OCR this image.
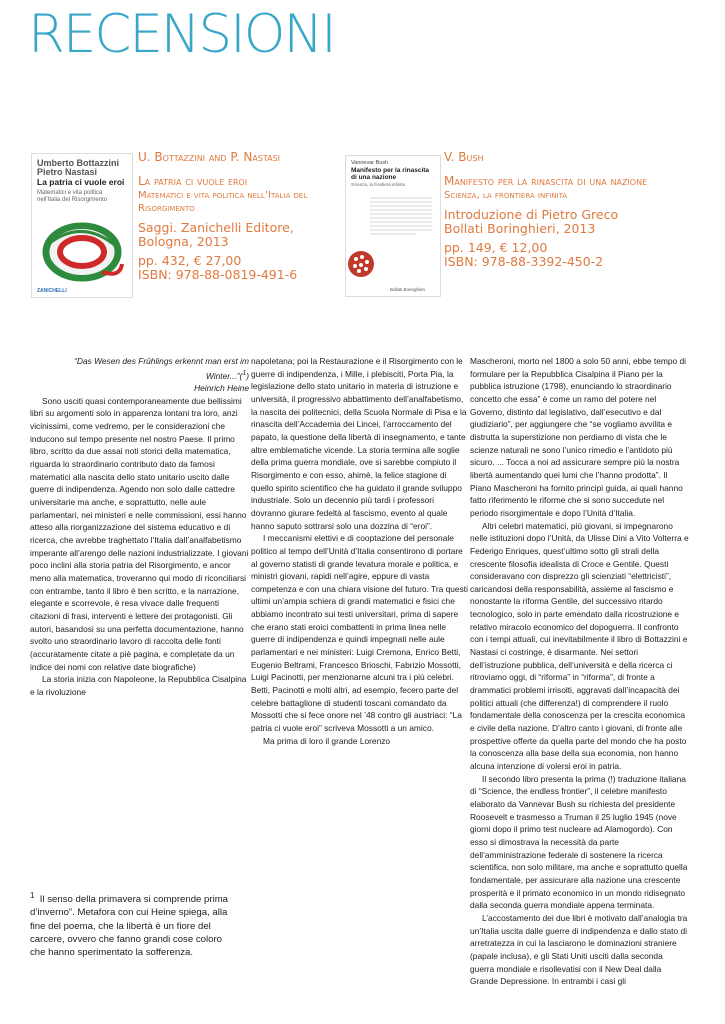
RECENSIONI
Umberto Bottazzini
Pietro Nastasi
La patria ci vuole eroi
Matematici e vita politica
nell’Italia del Risorgimento
ZANICHELLI

U. Bottazzini and P. Nastasi

La patria ci vuole eroi

Matematici e vita politica nell’Italia del Risorgimento

Saggi. Zanichelli Editore,
Bologna, 2013

pp. 432, € 27,00
ISBN: 978-88-0819-491-6

Vannevar Bush
Manifesto per la rinascita
di una nazione
Scienza, la frontiera infinita
Bollati Boringhieri

V. Bush

Manifesto per la rinascita di una nazione

Scienza, la frontiera infinita

Introduzione di Pietro Greco
Bollati Boringhieri, 2013

pp. 149, € 12,00
ISBN: 978-88-3392-450-2

“Das Wesen des Frühlings erkennt man erst im Winter...”($^1$)
Heinrich Heine

Sono usciti quasi contemporaneamente due bellissimi libri su argomenti solo in apparenza lontani tra loro, anzi vicinissimi, come vedremo, per le considerazioni che inducono sul tempo presente nel nostro Paese. Il primo libro, scritto da due assai noti storici della matematica, riguarda lo straordinario contributo dato da famosi matematici alla nascita dello stato unitario uscito dalle guerre di indipendenza. Agendo non solo dalle cattedre universitarie ma anche, e soprattutto, nelle aule parlamentari, nei ministeri e nelle commissioni, essi hanno atteso alla riorganizzazione del sistema educativo e di ricerca, che avrebbe traghettato l’Italia dall’analfabetismo imperante all’arengo delle nazioni industrializzate. I giovani poco inclini alla storia patria del Risorgimento, e ancor meno alla matematica, troveranno qui modo di riconciliarsi con entrambe, tanto il libro è ben scritto, e la narrazione, elegante e scorrevole, è resa vivace dalle frequenti citazioni di frasi, interventi e lettere dei protagonisti. Gli autori, basandosi su una perfetta documentazione, hanno svolto uno straordinario lavoro di raccolta delle fonti (accuratamente citate a piè pagina, e completate da un indice dei nomi con relative date biografiche)

La storia inizia con Napoleone, la Repubblica Cisalpina e la rivoluzione

napoletana; poi la Restaurazione e il Risorgimento con le guerre di indipendenza, i Mille, i plebisciti, Porta Pia, la legislazione dello stato unitario in materia di istruzione e università, il progressivo abbattimento dell’analfabetismo, la nascita dei politecnici, della Scuola Normale di Pisa e la rinascita dell’Accademia dei Lincei, l’arroccamento del papato, la questione della libertà di insegnamento, e tante altre emblematiche vicende. La storia termina alle soglie della prima guerra mondiale, ove si sarebbe compiuto il Risorgimento e con esso, ahimè, la felice stagione di quello spirito scientifico che ha guidato il grande sviluppo industriale. Solo un decennio più tardi i professori dovranno giurare fedeltà al fascismo, evento al quale hanno saputo sottrarsi solo una dozzina di “eroi”.

I meccanismi elettivi e di cooptazione del personale politico al tempo dell’Unità d’Italia consentirono di portare al governo statisti di grande levatura morale e politica, e ministri giovani, rapidi nell’agire, eppure di vasta competenza e con una chiara visione del futuro. Tra questi ultimi un’ampia schiera di grandi matematici e fisici che abbiamo incontrato sui testi universitari, prima di sapere che erano stati eroici combattenti in prima linea nelle guerre di indipendenza e quindi impegnati nelle aule parlamentari e nei ministeri: Luigi Cremona, Enrico Betti, Eugenio Beltrami, Francesco Brioschi, Fabrizio Mossotti, Luigi Pacinotti, per menzionarne alcuni tra i più celebri. Betti, Pacinotti e molti altri, ad esempio, fecero parte del celebre battaglione di studenti toscani comandato da Mossotti che si fece onore nel ’48 contro gli austriaci: “La patria ci vuole eroi” scriveva Mossotti a un amico.

Ma prima di loro il grande Lorenzo

Mascheroni, morto nel 1800 a solo 50 anni, ebbe tempo di formulare per la Repubblica Cisalpina il Piano per la pubblica istruzione (1798), enunciando lo straordinario concetto che essa” è come un ramo del potere nel Governo, distinto dal legislativo, dall’esecutivo e dal giudiziario”, per aggiungere che “se vogliamo avvilita e distrutta la superstizione non perdiamo di vista che le scienze naturali ne sono l’unico rimedio e l’antidoto più sicuro. ... Tocca a noi ad assicurare sempre più la nostra libertà aumentando quei lumi che l’hanno prodotta”. Il Piano Mascheroni ha fornito principi guida, ai quali hanno fatto riferimento le riforme che si sono succedute nel periodo risorgimentale e dopo l’Unità d’Italia.

Altri celebri matematici, più giovani, si impegnarono nelle istituzioni dopo l’Unità, da Ulisse Dini a Vito Volterra e Federigo Enriques, quest’ultimo sotto gli strali della crescente filosofia idealista di Croce e Gentile. Questi consideravano con disprezzo gli scienziati “elettricisti”, caricandosi della responsabilità, assieme al fascismo e nonostante la riforma Gentile, del successivo ritardo tecnologico, solo in parte emendato dalla ricostruzione e relativo miracolo economico del dopoguerra. Il confronto con i tempi attuali, cui inevitabilmente il libro di Bottazzini e Nastasi ci costringe, è disarmante. Nei settori dell’istruzione pubblica, dell’università e della ricerca ci ritroviamo oggi, di “riforma” in “riforma”, di fronte a drammatici problemi irrisolti, aggravati dall’incapacità dei politici attuali (che differenza!) di comprendere il ruolo fondamentale della conoscenza per la crescita economica e civile della nazione. D’altro canto i giovani, di fronte alle prospettive offerte da quella parte del mondo che ha posto la conoscenza alla base della sua economia, non hanno alcuna intenzione di volersi eroi in patria.

Il secondo libro presenta la prima (!) traduzione italiana di “Science, the endless frontier”, il celebre manifesto elaborato da Vannevar Bush su richiesta del presidente Roosevelt e trasmesso a Truman il 25 luglio 1945 (nove giorni dopo il primo test nucleare ad Alamogordo). Con esso si dimostrava la necessità da parte dell’amministrazione federale di sostenere la ricerca scientifica, non solo militare, ma anche e soprattutto quella fondamentale, per assicurare alla nazione una crescente prosperità e il primato economico in un mondo ridisegnato dalla seconda guerra mondiale appena terminata.

L’accostamento dei due libri è motivato dall’analogia tra un’Italia uscita dalle guerre di indipendenza e dallo stato di arretratezza in cui la lasciarono le dominazioni straniere (papale inclusa), e gli Stati Uniti usciti dalla seconda guerra mondiale e risollevatisi con il New Deal dalla Grande Depressione. In entrambi i casi gli

$^1$ Il senso della primavera si comprende prima d’inverno”. Metafora con cui Heine spiega, alla fine del poema, che la libertà è un fiore del carcere, ovvero che fanno grandi cose coloro che hanno sperimentato la sofferenza.
